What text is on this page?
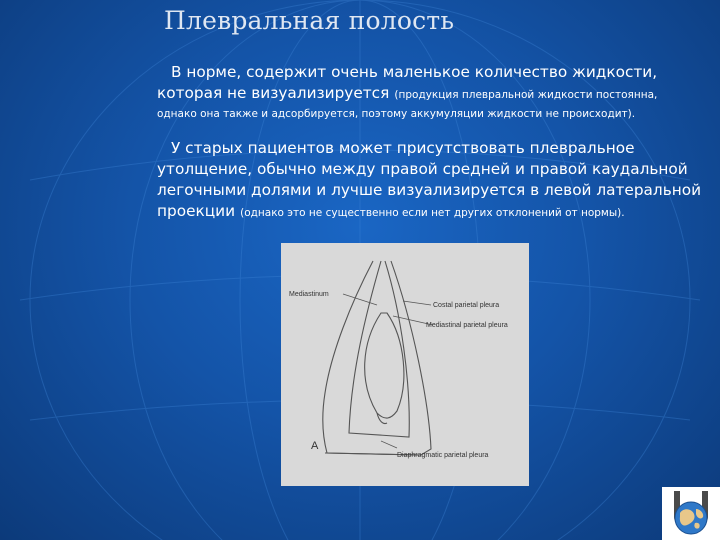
Плевральная полость
В норме, содержит очень маленькое количество жидкости,
которая не визуализируется (продукция плевральной жидкости постоянна,
однако она также и адсорбируется, поэтому аккумуляции жидкости не происходит).
У старых пациентов может присутствовать плевральное
утолщение, обычно между правой средней и правой каудальной
легочными долями и лучше визуализируется в левой латеральной
проекции (однако это не существенно если нет других отклонений от нормы).
Mediastinum
Costal parietal pleura
Mediastinal parietal pleura
Diaphragmatic parietal pleura
A
